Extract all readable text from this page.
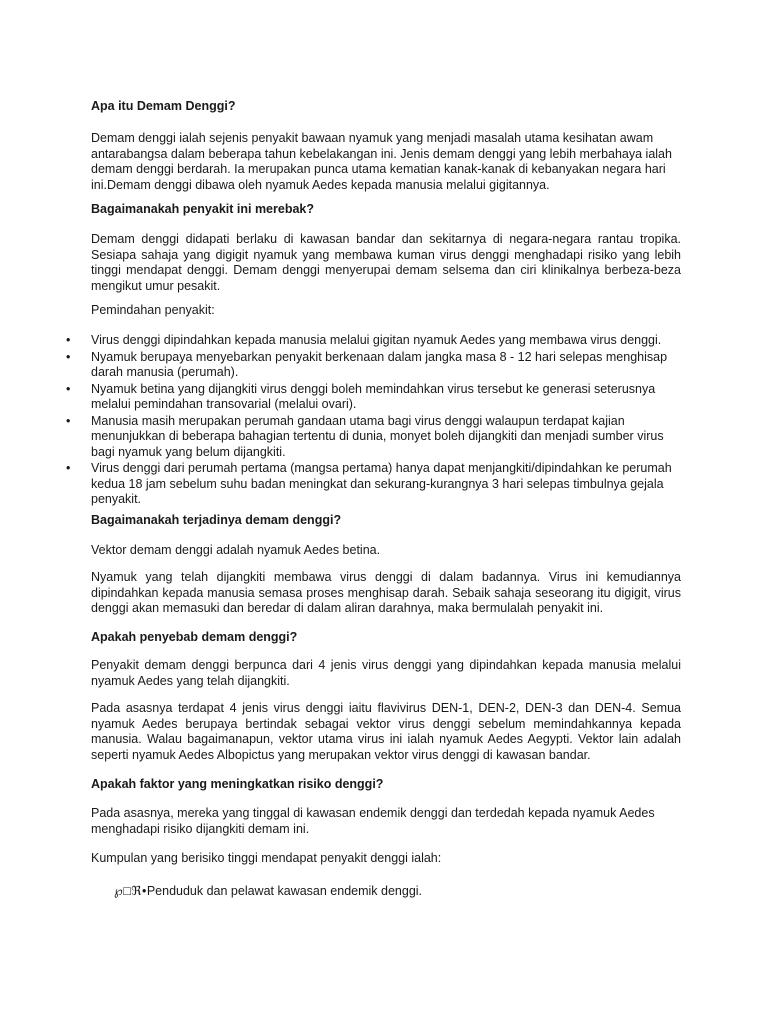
Apa itu Demam Denggi?

Demam denggi ialah sejenis penyakit bawaan nyamuk yang menjadi masalah utama kesihatan awam antarabangsa dalam beberapa tahun kebelakangan ini. Jenis demam denggi yang lebih merbahaya ialah demam denggi berdarah. Ia merupakan punca utama kematian kanak-kanak di kebanyakan negara hari ini.Demam denggi dibawa oleh nyamuk Aedes kepada manusia melalui gigitannya.

Bagaimanakah penyakit ini merebak?

Demam denggi didapati berlaku di kawasan bandar dan sekitarnya di negara-negara rantau tropika. Sesiapa sahaja yang digigit nyamuk yang membawa kuman virus denggi menghadapi risiko yang lebih tinggi mendapat denggi. Demam denggi menyerupai demam selsema dan ciri klinikalnya berbeza-beza mengikut umur pesakit.

Pemindahan penyakit:

• Virus denggi dipindahkan kepada manusia melalui gigitan nyamuk Aedes yang membawa virus denggi.
• Nyamuk berupaya menyebarkan penyakit berkenaan dalam jangka masa 8 - 12 hari selepas menghisap darah manusia (perumah).
• Nyamuk betina yang dijangkiti virus denggi boleh memindahkan virus tersebut ke generasi seterusnya melalui pemindahan transovarial (melalui ovari).
• Manusia masih merupakan perumah gandaan utama bagi virus denggi walaupun terdapat kajian menunjukkan di beberapa bahagian tertentu di dunia, monyet boleh dijangkiti dan menjadi sumber virus bagi nyamuk yang belum dijangkiti.
• Virus denggi dari perumah pertama (mangsa pertama) hanya dapat menjangkiti/dipindahkan ke perumah kedua 18 jam sebelum suhu badan meningkat dan sekurang-kurangnya 3 hari selepas timbulnya gejala penyakit.
Bagaimanakah terjadinya demam denggi?

Vektor demam denggi adalah nyamuk Aedes betina.

Nyamuk yang telah dijangkiti membawa virus denggi di dalam badannya. Virus ini kemudiannya dipindahkan kepada manusia semasa proses menghisap darah. Sebaik sahaja seseorang itu digigit, virus denggi akan memasuki dan beredar di dalam aliran darahnya, maka bermulalah penyakit ini.

Apakah penyebab demam denggi?

Penyakit demam denggi berpunca dari 4 jenis virus denggi yang dipindahkan kepada manusia melalui nyamuk Aedes yang telah dijangkiti.

Pada asasnya terdapat 4 jenis virus denggi iaitu flavivirus DEN-1, DEN-2, DEN-3 dan DEN-4. Semua nyamuk Aedes berupaya bertindak sebagai vektor virus denggi sebelum memindahkannya kepada manusia. Walau bagaimanapun, vektor utama virus ini ialah nyamuk Aedes Aegypti. Vektor lain adalah seperti nyamuk Aedes Albopictus yang merupakan vektor virus denggi di kawasan bandar.

Apakah faktor yang meningkatkan risiko denggi?

Pada asasnya, mereka yang tinggal di kawasan endemik denggi dan terdedah kepada nyamuk Aedes menghadapi risiko dijangkiti demam ini.

Kumpulan yang berisiko tinggi mendapat penyakit denggi ialah:

℘□ℜ•Penduduk dan pelawat kawasan endemik denggi.
